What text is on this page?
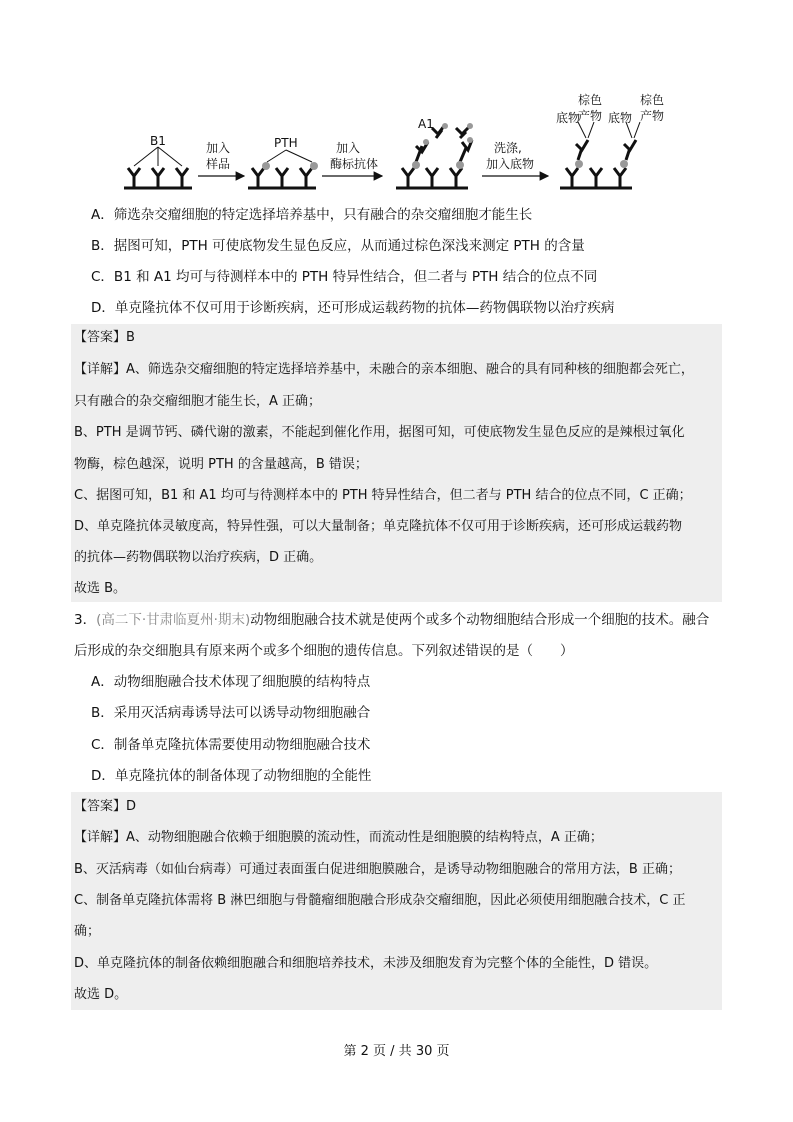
B1	加入
样品
PTH	加入
酶标抗体
A1
洗涤,
加入底物
底物
棕色
产物 底物
棕色
产物
A．筛选杂交瘤细胞的特定选择培养基中，只有融合的杂交瘤细胞才能生长
B．据图可知，PTH 可使底物发生显色反应，从而通过棕色深浅来测定 PTH 的含量
C．B1 和 A1 均可与待测样本中的 PTH 特异性结合，但二者与 PTH 结合的位点不同
D．单克隆抗体不仅可用于诊断疾病，还可形成运载药物的抗体—药物偶联物以治疗疾病
【答案】B
【详解】A、筛选杂交瘤细胞的特定选择培养基中，未融合的亲本细胞、融合的具有同种核的细胞都会死亡，
只有融合的杂交瘤细胞才能生长，A 正确；
B、PTH 是调节钙、磷代谢的激素，不能起到催化作用，据图可知，可使底物发生显色反应的是辣根过氧化
物酶，棕色越深，说明 PTH 的含量越高，B 错误；
C、据图可知，B1 和 A1 均可与待测样本中的 PTH 特异性结合，但二者与 PTH 结合的位点不同，C 正确；
D、单克隆抗体灵敏度高，特异性强，可以大量制备；单克隆抗体不仅可用于诊断疾病，还可形成运载药物
的抗体—药物偶联物以治疗疾病，D 正确。
故选 B。
3．(高二下·甘肃临夏州·期末)动物细胞融合技术就是使两个或多个动物细胞结合形成一个细胞的技术。融合
后形成的杂交细胞具有原来两个或多个细胞的遗传信息。下列叙述错误的是（　　）
A．动物细胞融合技术体现了细胞膜的结构特点
B．采用灭活病毒诱导法可以诱导动物细胞融合
C．制备单克隆抗体需要使用动物细胞融合技术
D．单克隆抗体的制备体现了动物细胞的全能性
【答案】D
【详解】A、动物细胞融合依赖于细胞膜的流动性，而流动性是细胞膜的结构特点，A 正确；
B、灭活病毒（如仙台病毒）可通过表面蛋白促进细胞膜融合，是诱导动物细胞融合的常用方法，B 正确；
C、制备单克隆抗体需将 B 淋巴细胞与骨髓瘤细胞融合形成杂交瘤细胞，因此必须使用细胞融合技术，C 正
确；
D、单克隆抗体的制备依赖细胞融合和细胞培养技术，未涉及细胞发育为完整个体的全能性，D 错误。
故选 D。
第 2 页 / 共 30 页
